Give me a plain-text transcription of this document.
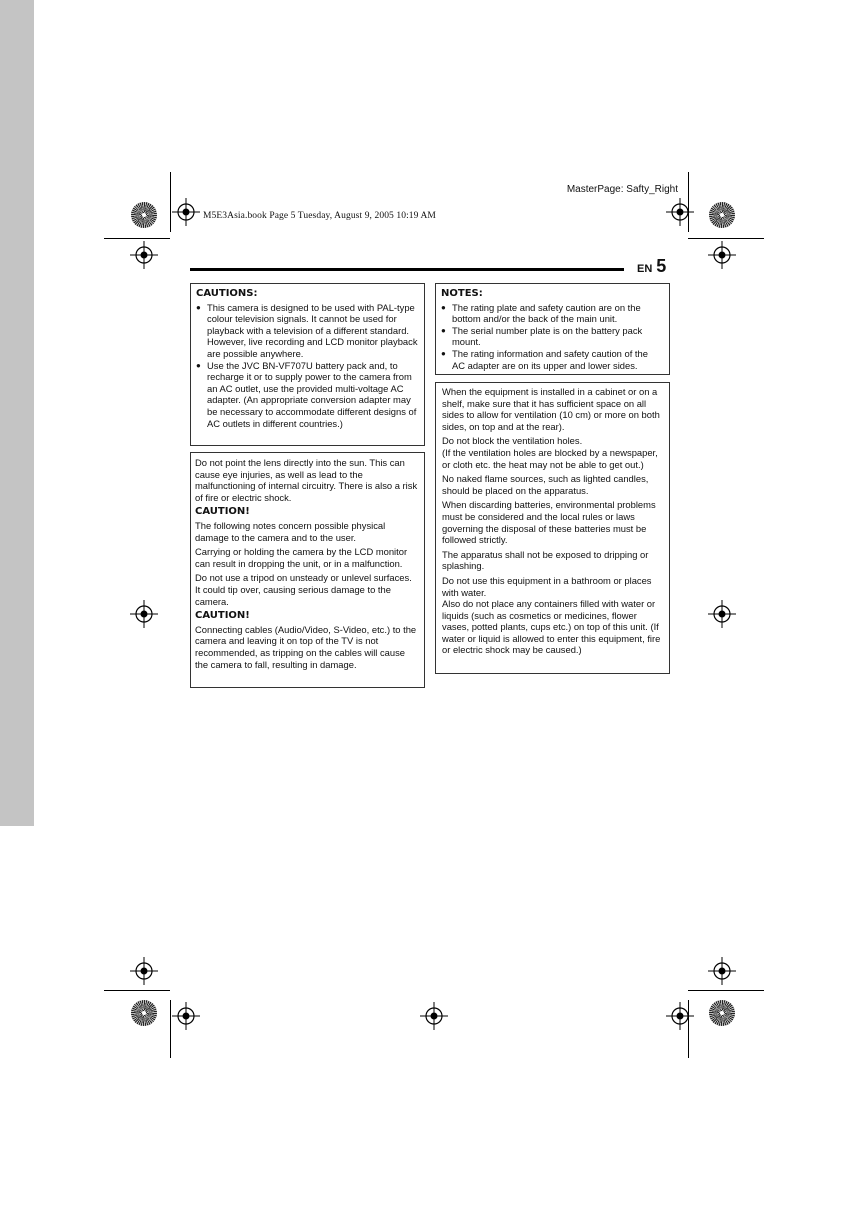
MasterPage: Safty_Right
M5E3Asia.book Page 5 Tuesday, August 9, 2005 10:19 AM
EN 5
CAUTIONS:
● This camera is designed to be used with PAL-type colour television signals. It cannot be used for playback with a television of a different standard. However, live recording and LCD monitor playback are possible anywhere.
● Use the JVC BN-VF707U battery pack and, to recharge it or to supply power to the camera from an AC outlet, use the provided multi-voltage AC adapter. (An appropriate conversion adapter may be necessary to accommodate different designs of AC outlets in different countries.)

Do not point the lens directly into the sun. This can cause eye injuries, as well as lead to the malfunctioning of internal circuitry. There is also a risk of fire or electric shock.

CAUTION!

The following notes concern possible physical damage to the camera and to the user.

Carrying or holding the camera by the LCD monitor can result in dropping the unit, or in a malfunction.

Do not use a tripod on unsteady or unlevel surfaces. It could tip over, causing serious damage to the camera.

CAUTION!

Connecting cables (Audio/Video, S-Video, etc.) to the camera and leaving it on top of the TV is not recommended, as tripping on the cables will cause the camera to fall, resulting in damage.

NOTES:
● The rating plate and safety caution are on the bottom and/or the back of the main unit.
● The serial number plate is on the battery pack mount.
● The rating information and safety caution of the AC adapter are on its upper and lower sides.

When the equipment is installed in a cabinet or on a shelf, make sure that it has sufficient space on all sides to allow for ventilation (10 cm) or more on both sides, on top and at the rear).

Do not block the ventilation holes.

(If the ventilation holes are blocked by a newspaper, or cloth etc. the heat may not be able to get out.)

No naked flame sources, such as lighted candles, should be placed on the apparatus.

When discarding batteries, environmental problems must be considered and the local rules or laws governing the disposal of these batteries must be followed strictly.

The apparatus shall not be exposed to dripping or splashing.

Do not use this equipment in a bathroom or places with water.

Also do not place any containers filled with water or liquids (such as cosmetics or medicines, flower vases, potted plants, cups etc.) on top of this unit. (If water or liquid is allowed to enter this equipment, fire or electric shock may be caused.)
